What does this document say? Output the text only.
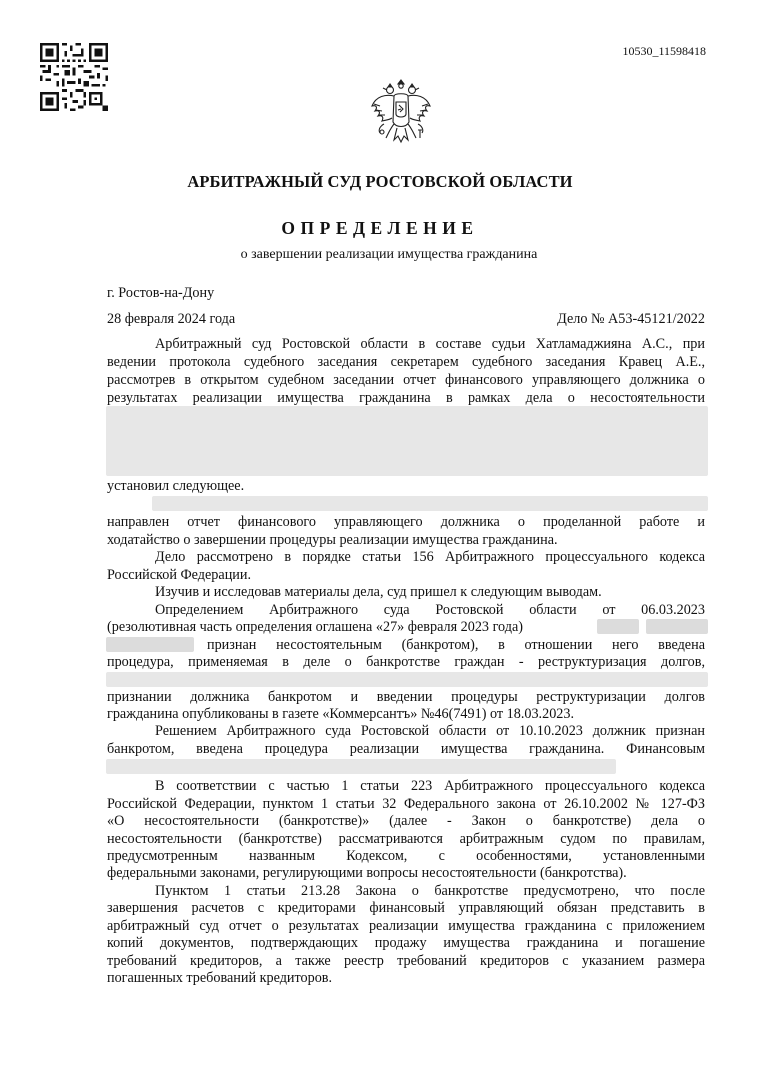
10530_11598418
АРБИТРАЖНЫЙ СУД РОСТОВСКОЙ ОБЛАСТИ
ОПРЕДЕЛЕНИЕ
о завершении реализации имущества гражданина
г. Ростов-на-Дону
28 февраля 2024 года	Дело № А53-45121/2022
Арбитражный суд Ростовской области в составе судьи Хатламаджияна А.С., при
ведении протокола судебного заседания секретарем судебного заседания Кравец А.Е.,
рассмотрев в открытом судебном заседании отчет финансового управляющего должника о
результатах реализации имущества гражданина в рамках дела о несостоятельности
установил следующее.
направлен отчет финансового управляющего должника о проделанной работе и
ходатайство о завершении процедуры реализации имущества гражданина.
Дело рассмотрено в порядке статьи 156 Арбитражного процессуального кодекса
Российской Федерации.
Изучив и исследовав материалы дела, суд пришел к следующим выводам.
Определением Арбитражного суда Ростовской области от 06.03.2023
(резолютивная часть определения оглашена «27» февраля 2023 года)
признан несостоятельным (банкротом), в отношении него введена
процедура, применяемая в деле о банкротстве граждан - реструктуризация долгов,
признании должника банкротом и введении процедуры реструктуризации долгов
гражданина опубликованы в газете «Коммерсантъ» №46(7491) от 18.03.2023.
Решением Арбитражного суда Ростовской области от 10.10.2023 должник признан
банкротом, введена процедура реализации имущества гражданина. Финансовым
В соответствии с частью 1 статьи 223 Арбитражного процессуального кодекса
Российской Федерации, пунктом 1 статьи 32 Федерального закона от 26.10.2002 № 127-ФЗ
«О несостоятельности (банкротстве)» (далее - Закон о банкротстве) дела о
несостоятельности (банкротстве) рассматриваются арбитражным судом по правилам,
предусмотренным названным Кодексом, с особенностями, установленными
федеральными законами, регулирующими вопросы несостоятельности (банкротства).
Пунктом 1 статьи 213.28 Закона о банкротстве предусмотрено, что после
завершения расчетов с кредиторами финансовый управляющий обязан представить в
арбитражный суд отчет о результатах реализации имущества гражданина с приложением
копий документов, подтверждающих продажу имущества гражданина и погашение
требований кредиторов, а также реестр требований кредиторов с указанием размера
погашенных требований кредиторов.
